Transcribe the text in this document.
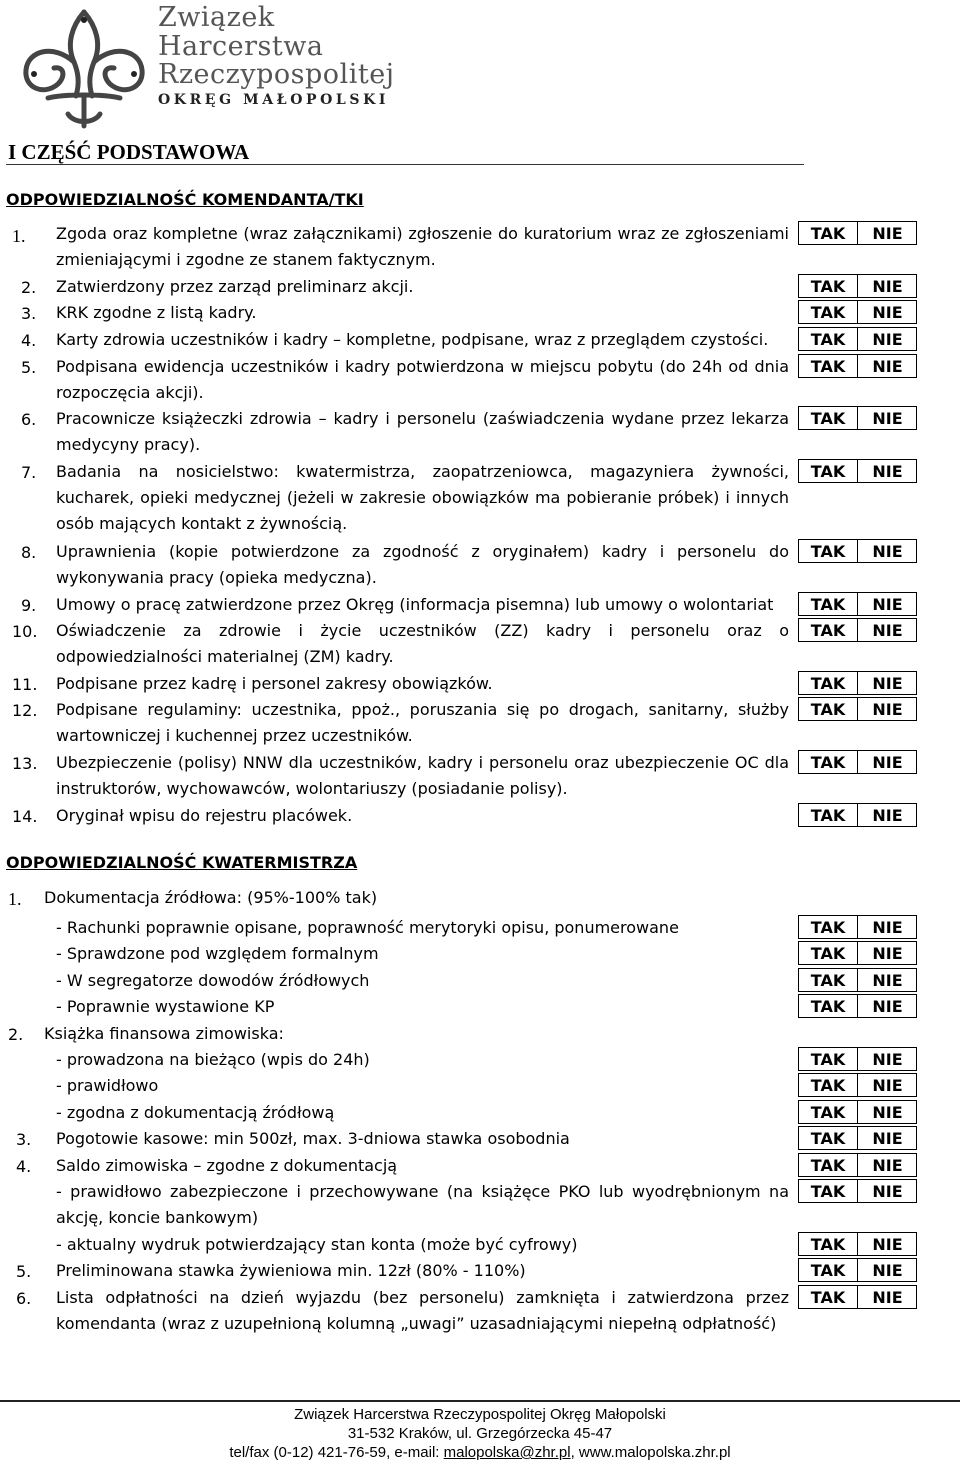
Związek
Harcerstwa
Rzeczypospolitej
OKRĘG MAŁOPOLSKI
I CZĘŚĆ PODSTAWOWA
ODPOWIEDZIALNOŚĆ KOMENDANTA/TKI
1. Zgoda oraz kompletne (wraz załącznikami) zgłoszenie do kuratorium wraz ze zgłoszeniami zmieniającymi i zgodne ze stanem faktycznym.
TAK	NIE
2. Zatwierdzony przez zarząd preliminarz akcji.	TAK	NIE
3. KRK zgodne z listą kadry.	TAK	NIE
4. Karty zdrowia uczestników i kadry – kompletne, podpisane, wraz z przeglądem czystości.	TAK	NIE
5. Podpisana ewidencja uczestników i kadry potwierdzona w miejscu pobytu (do 24h od dnia rozpoczęcia akcji).
TAK	NIE
6. Pracownicze książeczki zdrowia – kadry i personelu (zaświadczenia wydane przez lekarza medycyny pracy).
TAK	NIE
7. Badania na nosicielstwo: kwatermistrza, zaopatrzeniowca, magazyniera żywności, kucharek, opieki medycznej (jeżeli w zakresie obowiązków ma pobieranie próbek) i innych osób mających kontakt z żywnością.
TAK	NIE
8. Uprawnienia (kopie potwierdzone za zgodność z oryginałem) kadry i personelu do wykonywania pracy (opieka medyczna).
TAK	NIE
9. Umowy o pracę zatwierdzone przez Okręg (informacja pisemna) lub umowy o wolontariat	TAK	NIE
10. Oświadczenie za zdrowie i życie uczestników (ZZ) kadry i personelu oraz o odpowiedzialności materialnej (ZM) kadry.
TAK	NIE
11. Podpisane przez kadrę i personel zakresy obowiązków.	TAK	NIE
12. Podpisane regulaminy: uczestnika, ppoż., poruszania się po drogach, sanitarny, służby wartowniczej i kuchennej przez uczestników.
TAK	NIE
13. Ubezpieczenie (polisy) NNW dla uczestników, kadry i personelu oraz ubezpieczenie OC dla instruktorów, wychowawców, wolontariuszy (posiadanie polisy).
TAK	NIE
14. Oryginał wpisu do rejestru placówek.	TAK	NIE
ODPOWIEDZIALNOŚĆ KWATERMISTRZA
1. Dokumentacja źródłowa: (95%-100% tak)
- Rachunki poprawnie opisane, poprawność merytoryki opisu, ponumerowane	TAK	NIE
- Sprawdzone pod względem formalnym	TAK	NIE
- W segregatorze dowodów źródłowych	TAK	NIE
- Poprawnie wystawione KP	TAK	NIE
2. Książka finansowa zimowiska:
- prowadzona na bieżąco (wpis do 24h)	TAK	NIE
- prawidłowo	TAK	NIE
- zgodna z dokumentacją źródłową	TAK	NIE
3. Pogotowie kasowe: min 500zł, max. 3-dniowa stawka osobodnia	TAK	NIE
4. Saldo zimowiska – zgodne z dokumentacją	TAK	NIE
- prawidłowo zabezpieczone i przechowywane (na książęce PKO lub wyodrębnionym na akcję, koncie bankowym)
TAK	NIE
- aktualny wydruk potwierdzający stan konta (może być cyfrowy)	TAK	NIE
5. Preliminowana stawka żywieniowa min. 12zł (80% - 110%)	TAK	NIE
6. Lista odpłatności na dzień wyjazdu (bez personelu) zamknięta i zatwierdzona przez komendanta (wraz z uzupełnioną kolumną „uwagi” uzasadniającymi niepełną odpłatność)
TAK	NIE
Związek Harcerstwa Rzeczypospolitej Okręg Małopolski
31-532 Kraków, ul. Grzegórzecka 45-47
tel/fax (0-12) 421-76-59, e-mail: malopolska@zhr.pl, www.malopolska.zhr.pl
